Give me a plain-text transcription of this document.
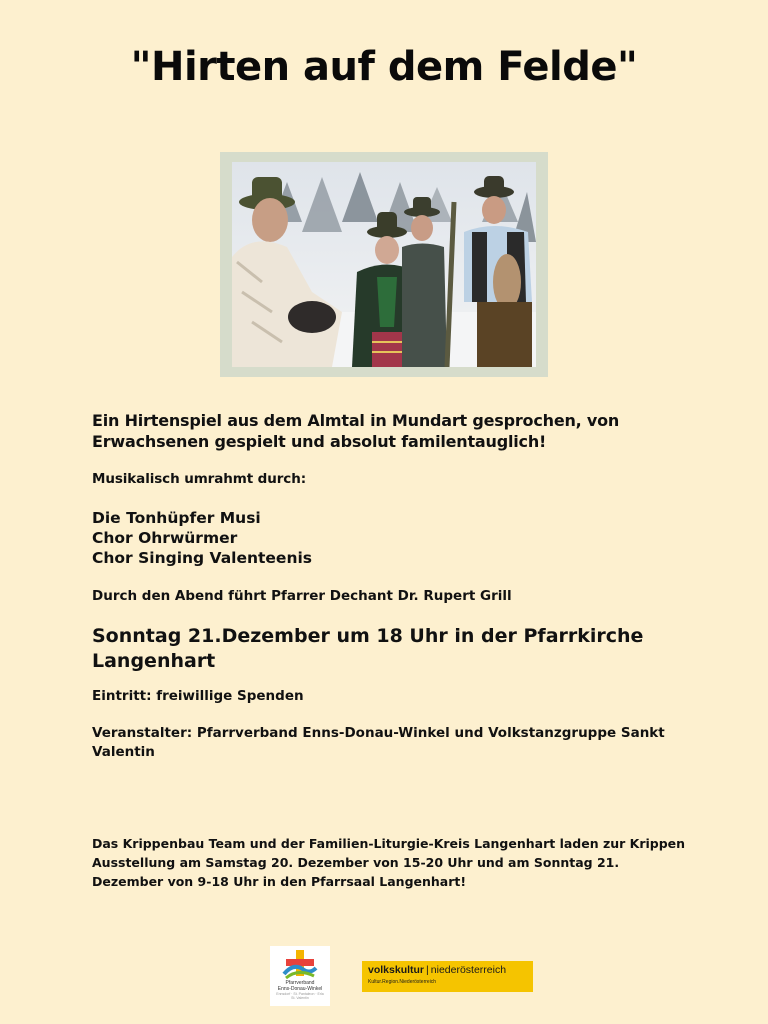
"Hirten auf dem Felde"
Ein Hirtenspiel aus dem Almtal in Mundart gesprochen, von Erwachsenen gespielt und absolut familentauglich!
Musikalisch umrahmt durch:
Die Tonhüpfer Musi
Chor Ohrwürmer
Chor Singing Valenteenis
Durch den Abend führt Pfarrer Dechant Dr. Rupert Grill
Sonntag 21.Dezember um 18 Uhr in der Pfarrkirche Langenhart
Eintritt: freiwillige Spenden
Veranstalter: Pfarrverband Enns-Donau-Winkel und Volkstanzgruppe Sankt Valentin
Das Krippenbau Team und der Familien-Liturgie-Kreis Langenhart laden zur Krippen Ausstellung am Samstag 20. Dezember von 15-20 Uhr und am Sonntag 21. Dezember von 9-18 Uhr in den Pfarrsaal Langenhart!
Pfarrverband
Enns-Donau-Winkel
Ennsdorf · St. Pantaleon · Erla
St. Valentin
volkskultur | niederösterreich
Kultur.Region.Niederösterreich
